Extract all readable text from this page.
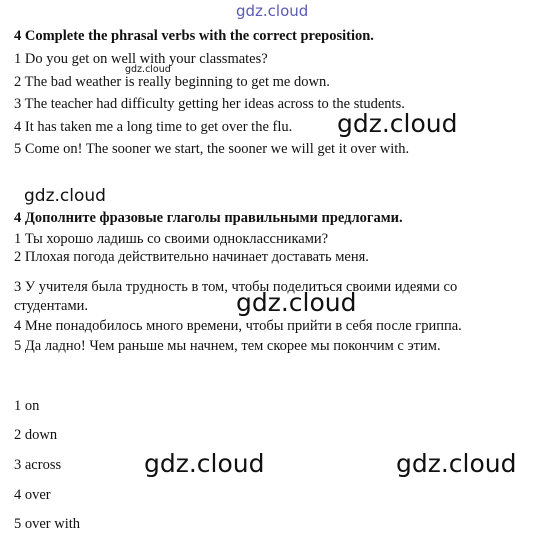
gdz.cloud
4 Complete the phrasal verbs with the correct preposition.
1 Do you get on well with your classmates?
gdz.cloud
2 The bad weather is really beginning to get me down.
3 The teacher had difficulty getting her ideas across to the students.
4 It has taken me a long time to get over the flu. gdz.cloud
5 Come on! The sooner we start, the sooner we will get it over with.
gdz.cloud
4 Дополните фразовые глаголы правильными предлогами.
1 Ты хорошо ладишь со своими одноклассниками?
2 Плохая погода действительно начинает доставать меня.
3 У учителя была трудность в том, чтобы поделиться своими идеями со
студентами.	gdz.cloud
4 Мне понадобилось много времени, чтобы прийти в себя после гриппа.
5 Да ладно! Чем раньше мы начнем, тем скорее мы покончим с этим.
1 on
2 down
3 across	gdz.cloud	gdz.cloud
4 over
5 over with
